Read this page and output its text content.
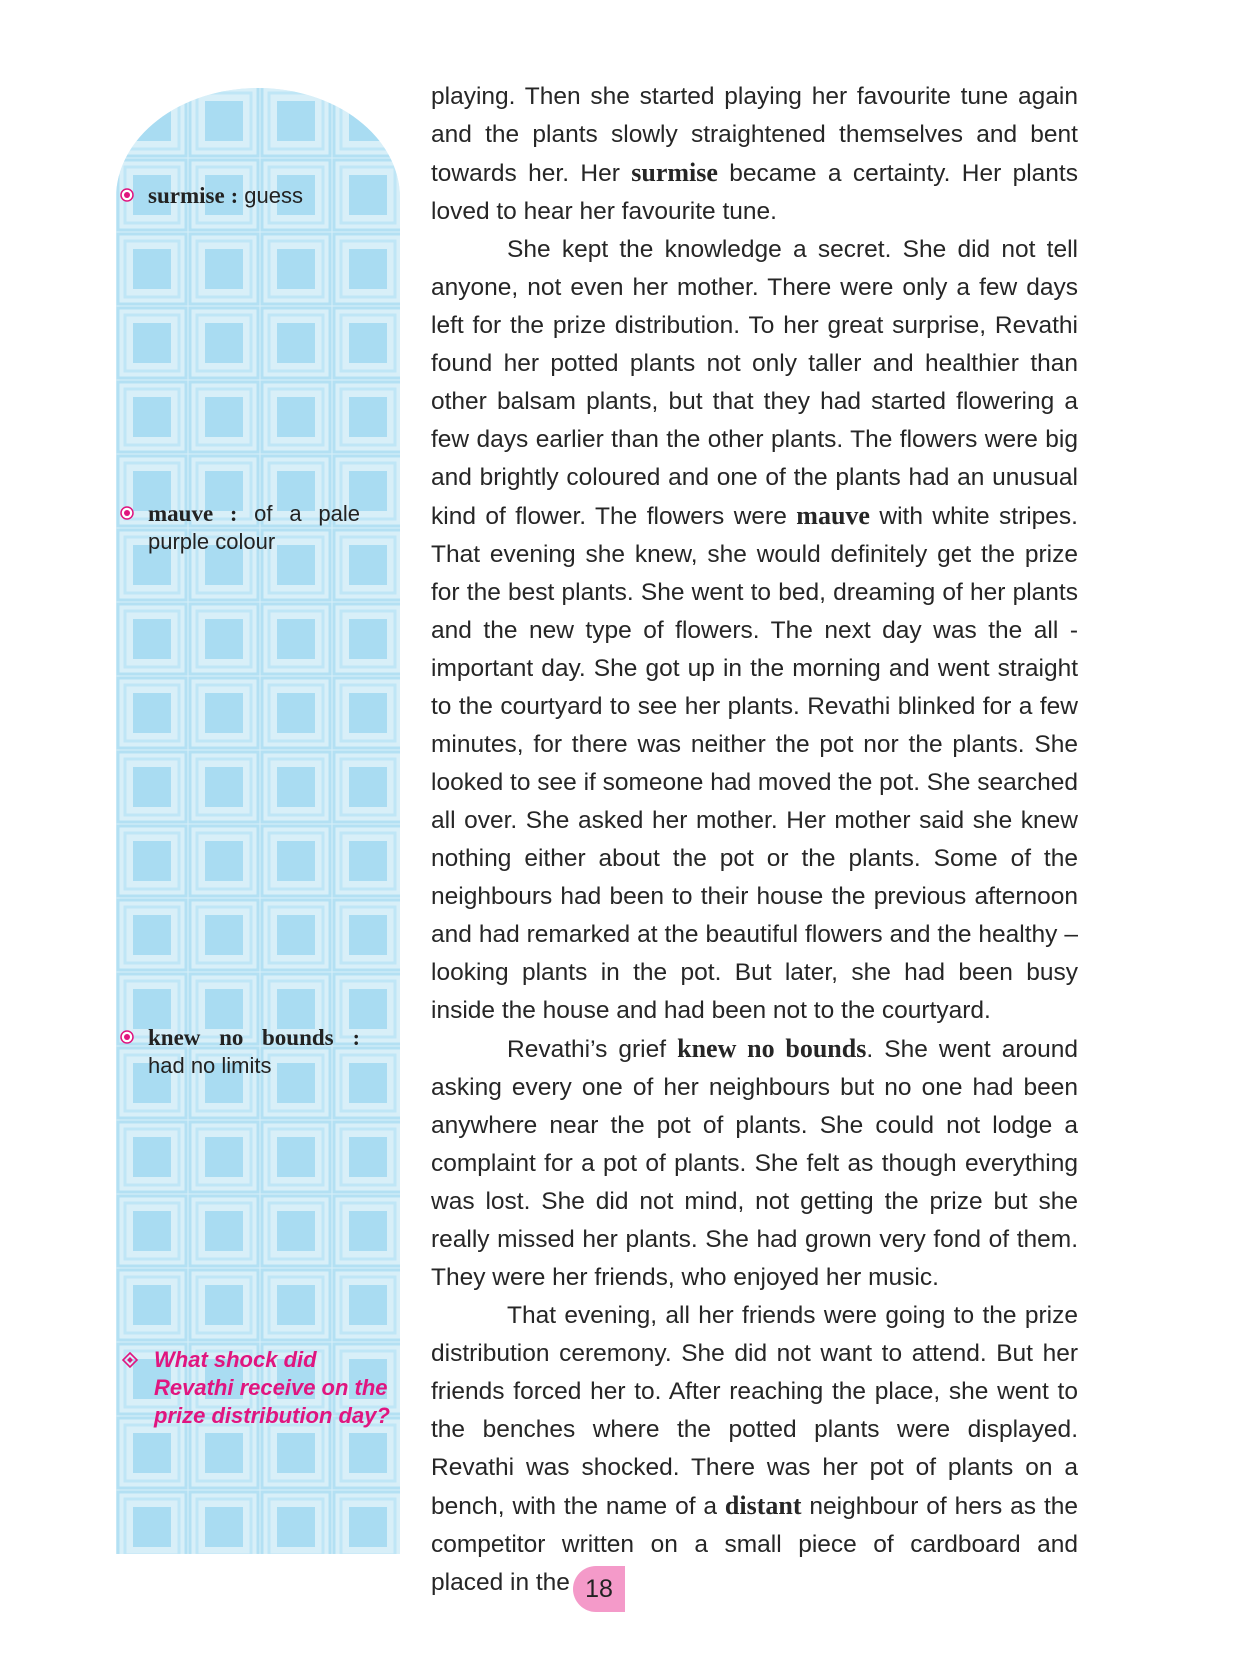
surmise : guess
mauve : of a pale purple colour
knew no bounds : had no limits
What shock did Revathi receive on the prize distribution day?

playing. Then she started playing her favourite tune again and the plants slowly straightened themselves and bent towards her. Her surmise became a certainty. Her plants loved to hear her favourite tune.

She kept the knowledge a secret. She did not tell anyone, not even her mother. There were only a few days left for the prize distribution. To her great surprise, Revathi found her potted plants not only taller and healthier than other balsam plants, but that they had started flowering a few days earlier than the other plants. The flowers were big and brightly coloured and one of the plants had an unusual kind of flower. The flowers were mauve with white stripes. That evening she knew, she would definitely get the prize for the best plants. She went to bed, dreaming of her plants and the new type of flowers. The next day was the all - important day. She got up in the morning and went straight to the courtyard to see her plants. Revathi blinked for a few minutes, for there was neither the pot nor the plants. She looked to see if someone had moved the pot. She searched all over. She asked her mother. Her mother said she knew nothing either about the pot or the plants. Some of the neighbours had been to their house the previous afternoon and had remarked at the beautiful flowers and the healthy – looking plants in the pot. But later, she had been busy inside the house and had been not to the courtyard.

Revathi’s grief knew no bounds. She went around asking every one of her neighbours but no one had been anywhere near the pot of plants. She could not lodge a complaint for a pot of plants. She felt as though everything was lost. She did not mind, not getting the prize but she really missed her plants. She had grown very fond of them. They were her friends, who enjoyed her music.

That evening, all her friends were going to the prize distribution ceremony. She did not want to attend. But her friends forced her to. After reaching the place, she went to the benches where the potted plants were displayed. Revathi was shocked. There was her pot of plants on a bench, with the name of a distant neighbour of hers as the competitor written on a small piece of cardboard and placed in the 18
